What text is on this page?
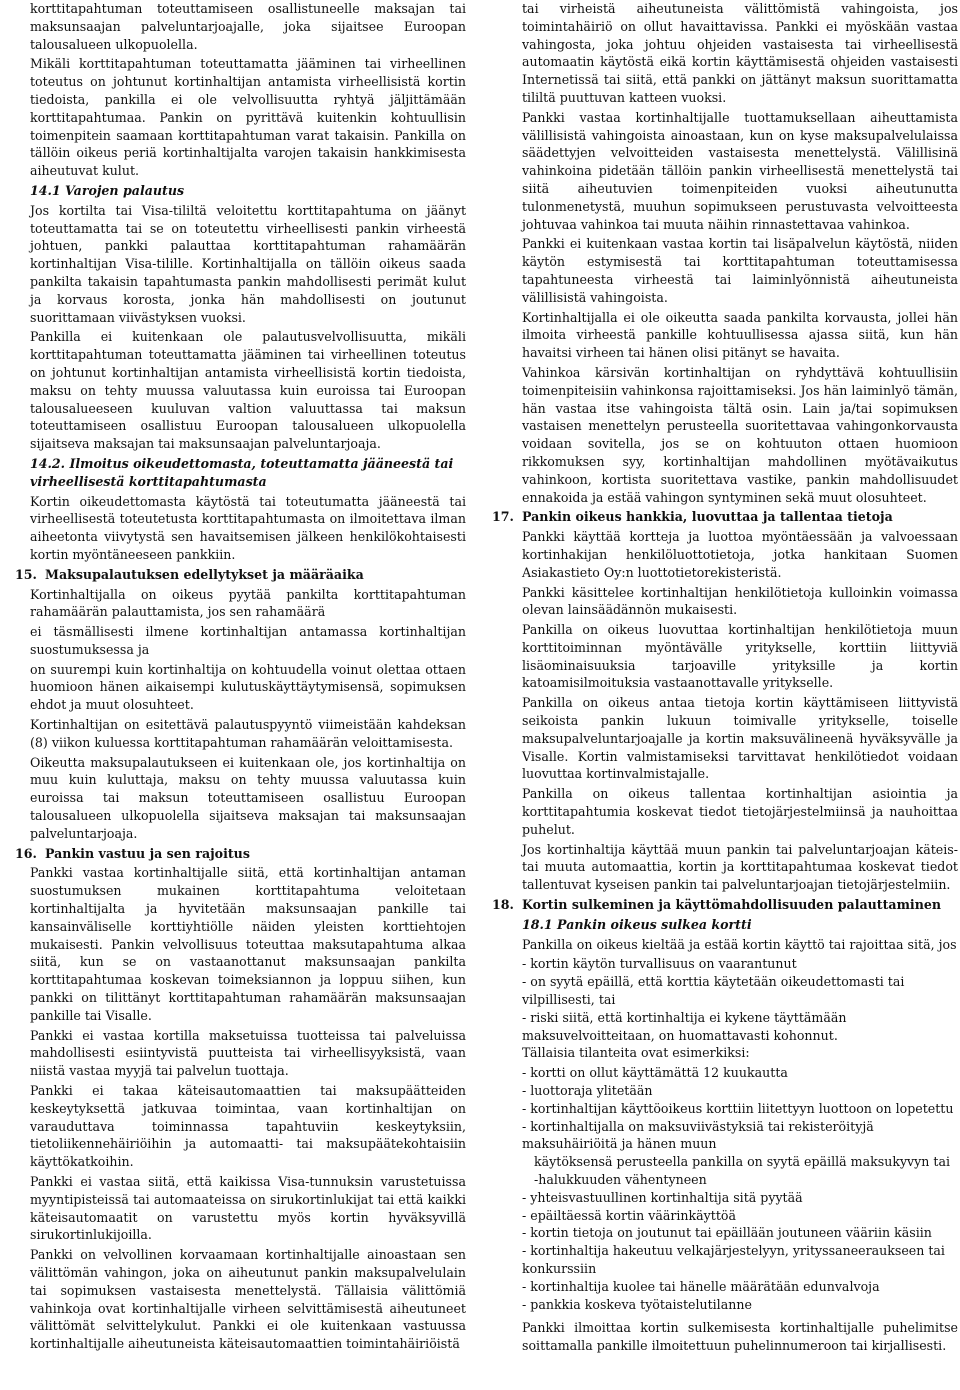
korttitapahtuman toteuttamiseen osallistuneelle maksajan tai maksunsaajan palveluntarjoajalle, joka sijaitsee Euroopan talousalueen ulkopuolella.

Mikäli korttitapahtuman toteuttamatta jääminen tai virheellinen toteutus on johtunut kortinhaltijan antamista virheellisistä kortin tiedoista, pankilla ei ole velvollisuutta ryhtyä jäljittämään korttitapahtumaa. Pankin on pyrittävä kuitenkin kohtuullisin toimenpitein saamaan korttitapahtuman varat takaisin. Pankilla on tällöin oikeus periä kortinhaltijalta varojen takaisin hankkimisesta aiheutuvat kulut.

14.1 Varojen palautus

Jos kortilta tai Visa-tililtä veloitettu korttitapahtuma on jäänyt toteuttamatta tai se on toteutettu virheellisesti pankin virheestä johtuen, pankki palauttaa korttitapahtuman rahamäärän kortinhaltijan Visa-tilille. Kortinhaltijalla on tällöin oikeus saada pankilta takaisin tapahtumasta pankin mahdollisesti perimät kulut ja korvaus korosta, jonka hän mahdollisesti on joutunut suorittamaan viivästyksen vuoksi.

Pankilla ei kuitenkaan ole palautusvelvollisuutta, mikäli korttitapahtuman toteuttamatta jääminen tai virheellinen toteutus on johtunut kortinhaltijan antamista virheellisistä kortin tiedoista, maksu on tehty muussa valuutassa kuin euroissa tai Euroopan talousalueeseen kuuluvan valtion valuuttassa tai maksun toteuttamiseen osallistuu Euroopan talousalueen ulkopuolella sijaitseva maksajan tai maksunsaajan palveluntarjoaja.

14.2. Ilmoitus oikeudettomasta, toteuttamatta jääneestä tai virheellisestä korttitapahtumasta

Kortin oikeudettomasta käytöstä tai toteutumatta jääneestä tai virheellisestä toteutetusta korttitapahtumasta on ilmoitettava ilman aiheetonta viivytystä sen havaitsemisen jälkeen henkilökohtaisesti kortin myöntäneeseen pankkiin.

15. Maksupalautuksen edellytykset ja määräaika

Kortinhaltijalla on oikeus pyytää pankilta korttitapahtuman rahamäärän palauttamista, jos sen rahamäärä

ei täsmällisesti ilmene kortinhaltijan antamassa kortinhaltijan suostumuksessa ja

on suurempi kuin kortinhaltija on kohtuudella voinut olettaa ottaen huomioon hänen aikaisempi kulutuskäyttäytymisensä, sopimuksen ehdot ja muut olosuhteet.

Kortinhaltijan on esitettävä palautuspyyntö viimeistään kahdeksan (8) viikon kuluessa korttitapahtuman rahamäärän veloittamisesta.

Oikeutta maksupalautukseen ei kuitenkaan ole, jos kortinhaltija on muu kuin kuluttaja, maksu on tehty muussa valuutassa kuin euroissa tai maksun toteuttamiseen osallistuu Euroopan talousalueen ulkopuolella sijaitseva maksajan tai maksunsaajan palveluntarjoaja.

16. Pankin vastuu ja sen rajoitus

Pankki vastaa kortinhaltijalle siitä, että kortinhaltijan antaman suostumuksen mukainen korttitapahtuma veloitetaan kortinhaltijalta ja hyvitetään maksunsaajan pankille tai kansainväliselle korttiyhtiölle näiden yleisten korttiehtojen mukaisesti. Pankin velvollisuus toteuttaa maksutapahtuma alkaa siitä, kun se on vastaanottanut maksunsaajan pankilta korttitapahtumaa koskevan toimeksiannon ja loppuu siihen, kun pankki on tilittänyt korttitapahtuman rahamäärän maksunsaajan pankille tai Visalle.

Pankki ei vastaa kortilla maksetuissa tuotteissa tai palveluissa mahdollisesti esiintyvistä puutteista tai virheellisyyksistä, vaan niistä vastaa myyjä tai palvelun tuottaja.

Pankki ei takaa käteisautomaattien tai maksupäätteiden keskeytyksettä jatkuvaa toimintaa, vaan kortinhaltijan on varauduttava toiminnassa tapahtuviin keskeytyksiin, tietoliikennehäiriöihin ja automaatti- tai maksupäätekohtaisiin käyttökatkoihin.

Pankki ei vastaa siitä, että kaikissa Visa-tunnuksin varustetuissa myyntipisteissä tai automaateissa on sirukortinlukijat tai että kaikki käteisautomaatit on varustettu myös kortin hyväksyvillä sirukortinlukijoilla.

Pankki on velvollinen korvaamaan kortinhaltijalle ainoastaan sen välittömän vahingon, joka on aiheutunut pankin maksupalvelulain tai sopimuksen vastaisesta menettelystä. Tällaisia välittömiä vahinkoja ovat kortinhaltijalle virheen selvittämisestä aiheutuneet välittömät selvittelykulut. Pankki ei ole kuitenkaan vastuussa kortinhaltijalle aiheutuneista käteisautomaattien toimintahäiriöistä

tai virheistä aiheutuneista välittömistä vahingoista, jos toimintahäiriö on ollut havaittavissa. Pankki ei myöskään vastaa vahingosta, joka johtuu ohjeiden vastaisesta tai virheellisestä automaatin käytöstä eikä kortin käyttämisestä ohjeiden vastaisesti Internetissä tai siitä, että pankki on jättänyt maksun suorittamatta tililtä puuttuvan katteen vuoksi.

Pankki vastaa kortinhaltijalle tuottamuksellaan aiheuttamista välillisistä vahingoista ainoastaan, kun on kyse maksupalvelulaissa säädettyjen velvoitteiden vastaisesta menettelystä. Välillisinä vahinkoina pidetään tällöin pankin virheellisestä menettelystä tai siitä aiheutuvien toimenpiteiden vuoksi aiheutunutta tulonmenetystä, muuhun sopimukseen perustuvasta velvoitteesta johtuvaa vahinkoa tai muuta näihin rinnastettavaa vahinkoa.

Pankki ei kuitenkaan vastaa kortin tai lisäpalvelun käytöstä, niiden käytön estymisestä tai korttitapahtuman toteuttamisessa tapahtuneesta virheestä tai laiminlyönnistä aiheutuneista välillisistä vahingoista.

Kortinhaltijalla ei ole oikeutta saada pankilta korvausta, jollei hän ilmoita virheestä pankille kohtuullisessa ajassa siitä, kun hän havaitsi virheen tai hänen olisi pitänyt se havaita.

Vahinkoa kärsivän kortinhaltijan on ryhdyttävä kohtuullisiin toimenpiteisiin vahinkonsa rajoittamiseksi. Jos hän laiminlyö tämän, hän vastaa itse vahingoista tältä osin. Lain ja/tai sopimuksen vastaisen menettelyn perusteella suoritettavaa vahingonkorvausta voidaan sovitella, jos se on kohtuuton ottaen huomioon rikkomuksen syy, kortinhaltijan mahdollinen myötävaikutus vahinkoon, kortista suoritettava vastike, pankin mahdollisuudet ennakoida ja estää vahingon syntyminen sekä muut olosuhteet.

17. Pankin oikeus hankkia, luovuttaa ja tallentaa tietoja

Pankki käyttää kortteja ja luottoa myöntäessään ja valvoessaan kortinhakijan henkilöluottotietoja, jotka hankitaan Suomen Asiakastieto Oy:n luottotietorekisteristä.

Pankki käsittelee kortinhaltijan henkilötietoja kulloinkin voimassa olevan lainsäädännön mukaisesti.

Pankilla on oikeus luovuttaa kortinhaltijan henkilötietoja muun korttitoiminnan myöntävälle yritykselle, korttiin liittyviä lisäominaisuuksia tarjoaville yrityksille ja kortin katoamisilmoituksia vastaanottavalle yritykselle.

Pankilla on oikeus antaa tietoja kortin käyttämiseen liittyvistä seikoista pankin lukuun toimivalle yritykselle, toiselle maksupalveluntarjoajalle ja kortin maksuvälineenä hyväksyvälle ja Visalle. Kortin valmistamiseksi tarvittavat henkilötiedot voidaan luovuttaa kortinvalmistajalle.

Pankilla on oikeus tallentaa kortinhaltijan asiointia ja korttitapahtumia koskevat tiedot tietojärjestelmiinsä ja nauhoittaa puhelut.

Jos kortinhaltija käyttää muun pankin tai palveluntarjoajan käteis-tai muuta automaattia, kortin ja korttitapahtumaa koskevat tiedot tallentuvat kyseisen pankin tai palveluntarjoajan tietojärjestelmiin.

18. Kortin sulkeminen ja käyttömahdollisuuden palauttaminen
18.1 Pankin oikeus sulkea kortti

Pankilla on oikeus kieltää ja estää kortin käyttö tai rajoittaa sitä, jos

- kortin käytön turvallisuus on vaarantunut
- on syytä epäillä, että korttia käytetään oikeudettomasti tai vilpillisesti, tai
- riski siitä, että kortinhaltija ei kykene täyttämään maksuvelvoitteitaan, on huomattavasti kohonnut.

Tällaisia tilanteita ovat esimerkiksi:

- kortti on ollut käyttämättä 12 kuukautta
- luottoraja ylitetään
- kortinhaltijan käyttöoikeus korttiin liitettyyn luottoon on lopetettu
- kortinhaltijalla on maksuviivästyksiä tai rekisteröityjä maksuhäiriöitä ja hänen muun
käytöksensä perusteella pankilla on syytä epäillä maksukyvyn tai -halukkuuden vähentyneen
- yhteisvastuullinen kortinhaltija sitä pyytää
- epäiltäessä kortin väärinkäyttöä
- kortin tietoja on joutunut tai epäillään joutuneen vääriin käsiin
- kortinhaltija hakeutuu velkajärjestelyyn, yrityssaneeraukseen tai konkurssiin
- kortinhaltija kuolee tai hänelle määrätään edunvalvoja
- pankkia koskeva työtaistelutilanne

Pankki ilmoittaa kortin sulkemisesta kortinhaltijalle puhelimitse soittamalla pankille ilmoitettuun puhelinnumeroon tai kirjallisesti.
